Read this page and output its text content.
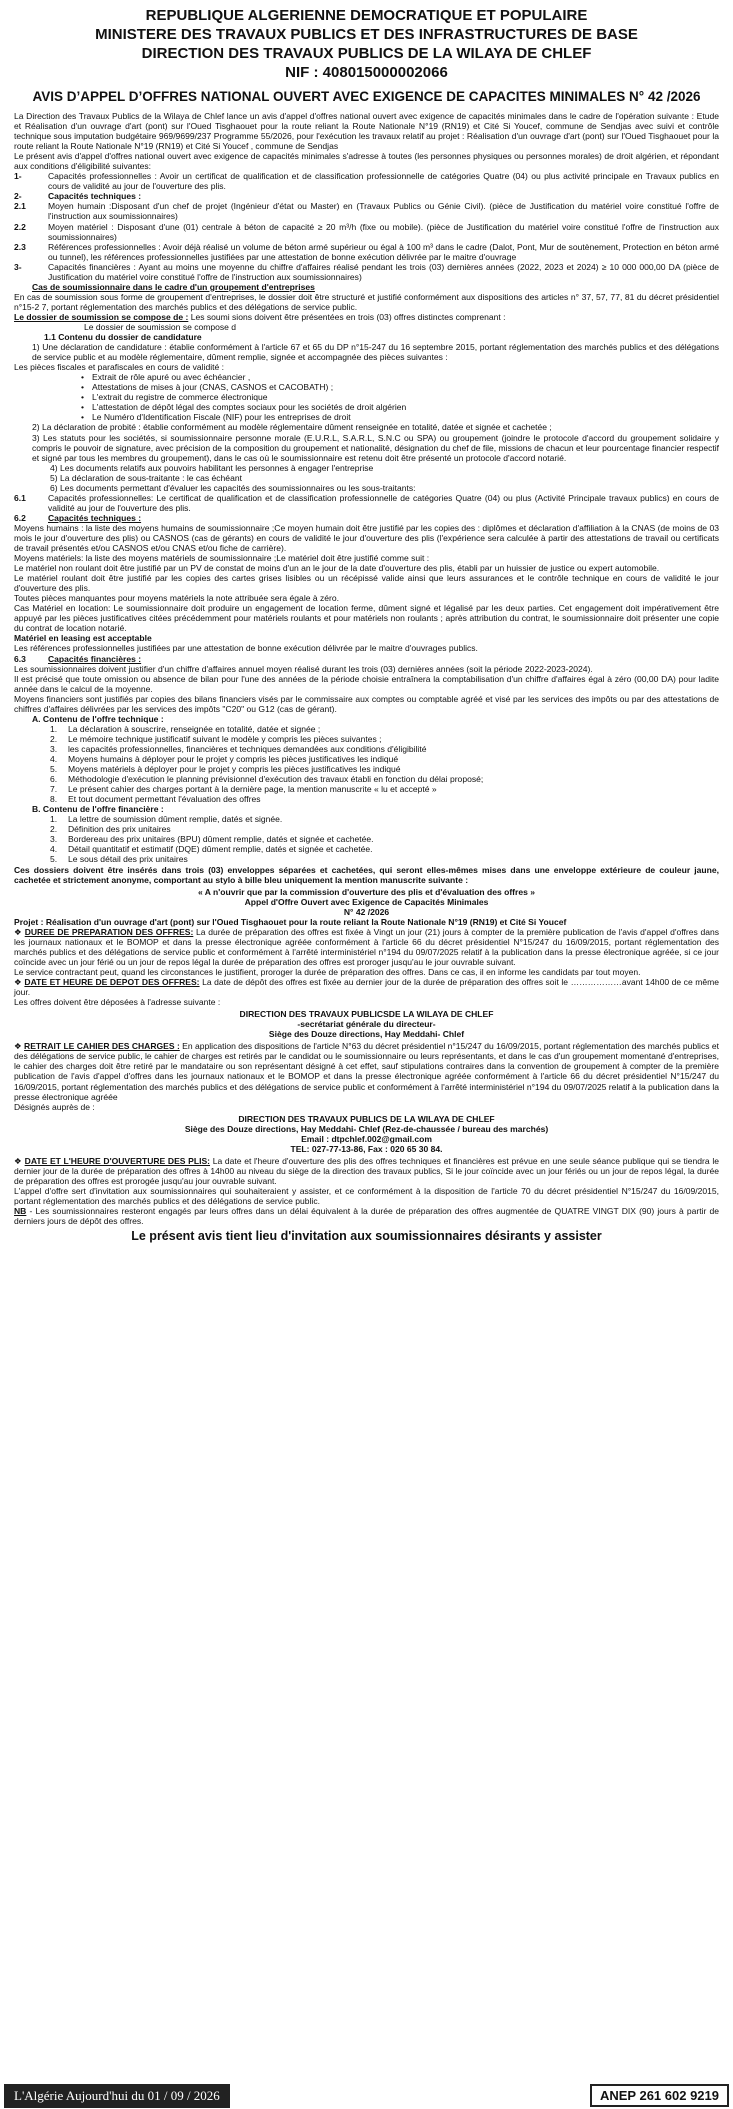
REPUBLIQUE ALGERIENNE DEMOCRATIQUE ET POPULAIRE
MINISTERE DES TRAVAUX PUBLICS ET DES INFRASTRUCTURES DE BASE
DIRECTION DES TRAVAUX PUBLICS DE LA WILAYA DE CHLEF
NIF : 408015000002066
AVIS D’APPEL D’OFFRES NATIONAL OUVERT AVEC EXIGENCE DE CAPACITES MINIMALES N° 42 /2026

La Direction des Travaux Publics de la Wilaya de Chlef lance un avis d'appel d'offres national ouvert avec exigence de capacités minimales dans le cadre de l'opération suivante : Etude et Réalisation d'un ouvrage d'art (pont) sur l'Oued Tisghaouet pour la route reliant la Route Nationale N°19 (RN19) et Cité Si Youcef, commune de Sendjas avec suivi et contrôle technique sous imputation budgétaire 969/9699/237 Programme 55/2026, pour l'exécution les travaux relatif au projet : Réalisation d'un ouvrage d'art (pont) sur l'Oued Tisghaouet pour la route reliant la Route Nationale N°19 (RN19) et Cité Si Youcef , commune de Sendjas

Le présent avis d'appel d'offres national ouvert avec exigence de capacités minimales s'adresse à toutes (les personnes physiques ou personnes morales) de droit algérien, et répondant aux conditions d'éligibilité suivantes:

1-	Capacités professionnelles : Avoir un certificat de qualification et de classification professionnelle de catégories Quatre (04) ou plus activité principale en Travaux publics en cours de validité au jour de l'ouverture des plis.
2-	Capacités techniques :
2.1	Moyen humain :Disposant d'un chef de projet (Ingénieur d'état ou Master) en (Travaux Publics ou Génie Civil). (pièce de Justification du matériel voire constitué l'offre de l'instruction aux soumissionnaires)
2.2	Moyen matériel : Disposant d'une (01) centrale à béton de capacité ≥ 20 m³/h (fixe ou mobile). (pièce de Justification du matériel voire constitué l'offre de l'instruction aux soumissionnaires)
2.3	Références professionnelles : Avoir déjà réalisé un volume de béton armé supérieur ou égal à 100 m³ dans le cadre (Dalot, Pont, Mur de soutènement, Protection en béton armé ou tunnel), les références professionnelles justifiées par une attestation de bonne exécution délivrée par le maitre d'ouvrage
3-	Capacités financières : Ayant au moins une moyenne du chiffre d'affaires réalisé pendant les trois (03) dernières années (2022, 2023 et 2024) ≥ 10 000 000,00 DA (pièce de Justification du matériel voire constitué l'offre de l'instruction aux soumissionnaires)

Cas de soumissionnaire dans le cadre d'un groupement d'entreprises

En cas de soumission sous forme de groupement d'entreprises, le dossier doit être structuré et justifié conformément aux dispositions des articles n° 37, 57, 77, 81 du décret présidentiel n°15-2 7, portant réglementation des marchés publics et des délégations de service public.

Le dossier de soumission se compose de : Les soumi sions doivent être présentées en trois (03) offres distinctes comprenant :

Le dossier de soumission se compose d

1.1 Contenu du dossier de candidature

1) Une déclaration de candidature : établie conformément à l'article 67 et 65 du DP n°15-247 du 16 septembre 2015, portant réglementation des marchés publics et des délégations de service public et au modèle réglementaire, dûment remplie, signée et accompagnée des pièces suivantes :

Les pièces fiscales et parafiscales en cours de validité :

• Extrait de rôle apuré ou avec échéancier ,
• Attestations de mises à jour (CNAS, CASNOS et CACOBATH) ;
• L'extrait du registre de commerce électronique
• L'attestation de dépôt légal des comptes sociaux pour les sociétés de droit algérien
• Le Numéro d'Identification Fiscale (NIF) pour les entreprises de droit

2) La déclaration de probité : établie conformément au modèle réglementaire dûment renseignée en totalité, datée et signée et cachetée ;

3) Les statuts pour les sociétés, si soumissionnaire personne morale (E.U.R.L, S.A.R.L, S.N.C ou SPA) ou groupement (joindre le protocole d'accord du groupement solidaire y compris le pouvoir de signature, avec précision de la composition du groupement et nationalité, désignation du chef de file, missions de chacun et leur pourcentage financier respectif et signé par tous les membres du groupement), dans le cas où le soumissionnaire est retenu doit être présenté un protocole d'accord notarié.

4) Les documents relatifs aux pouvoirs habilitant les personnes à engager l'entreprise

5) La déclaration de sous-traitante : le cas échéant

6) Les documents permettant d'évaluer les capacités des soumissionnaires ou les sous-traitants:

6.1	Capacités professionnelles: Le certificat de qualification et de classification professionnelle de catégories Quatre (04) ou plus (Activité Principale travaux publics) en cours de validité au jour de l'ouverture des plis.
6.2	Capacités techniques :

Moyens humains : la liste des moyens humains de soumissionnaire ;Ce moyen humain doit être justifié par les copies des : diplômes et déclaration d'affiliation à la CNAS (de moins de 03 mois le jour d'ouverture des plis) ou CASNOS (cas de gérants) en cours de validité le jour d'ouverture des plis (l'expérience sera calculée à partir des attestations de travail ou certificats de travail présentés et/ou CASNOS et/ou CNAS et/ou fiche de carrière).

Moyens matériels: la liste des moyens matériels de soumissionnaire ;Le matériel doit être justifié comme suit :

Le matériel non roulant doit être justifié par un PV de constat de moins d'un an le jour de la date d'ouverture des plis, établi par un huissier de justice ou expert automobile.

Le matériel roulant doit être justifié par les copies des cartes grises lisibles ou un récépissé valide ainsi que leurs assurances et le contrôle technique en cours de validité le jour d'ouverture des plis.

Toutes pièces manquantes pour moyens matériels la note attribuée sera égale à zéro.

Cas Matériel en location: Le soumissionnaire doit produire un engagement de location ferme, dûment signé et légalisé par les deux parties. Cet engagement doit impérativement être appuyé par les pièces justificatives citées précédemment pour matériels roulants et pour matériels non roulants ; après attribution du contrat, le soumissionnaire doit présenter une copie du contrat de location notarié.

Matériel en leasing est acceptable

Les références professionnelles justifiées par une attestation de bonne exécution délivrée par le maitre d'ouvrages publics.

6.3	Capacités financières :

Les soumissionnaires doivent justifier d'un chiffre d'affaires annuel moyen réalisé durant les trois (03) dernières années (soit la période 2022-2023-2024).

Il est précisé que toute omission ou absence de bilan pour l'une des années de la période choisie entraînera la comptabilisation d'un chiffre d'affaires égal à zéro (00,00 DA) pour ladite année dans le calcul de la moyenne.

Moyens financiers sont justifiés par copies des bilans financiers visés par le commissaire aux comptes ou comptable agréé et visé par les services des impôts ou par des attestations de chiffres d'affaires délivrées par les services des impôts "C20" ou G12 (cas de gérant).

A. Contenu de l'offre technique :

1.	La déclaration à souscrire, renseignée en totalité, datée et signée ;
2.	Le mémoire technique justificatif suivant le modèle y compris les pièces suivantes ;
3.	les capacités professionnelles, financières et techniques demandées aux conditions d'éligibilité
4.	Moyens humains à déployer pour le projet y compris les pièces justificatives les indiqué
5.	Moyens matériels à déployer pour le projet y compris les pièces justificatives les indiqué
6.	Méthodologie d'exécution le planning prévisionnel d'exécution des travaux établi en fonction du délai proposé;
7.	Le présent cahier des charges portant à la dernière page, la mention manuscrite « lu et accepté »
8.	Et tout document permettant l'évaluation des offres

B. Contenu de l'offre financière :

1.	La lettre de soumission dûment remplie, datés et signée.
2.	Définition des prix unitaires
3.	Bordereau des prix unitaires (BPU) dûment remplie, datés et signée et cachetée.
4.	Détail quantitatif et estimatif (DQE) dûment remplie, datés et signée et cachetée.
5.	Le sous détail des prix unitaires

Ces dossiers doivent être insérés dans trois (03) enveloppes séparées et cachetées, qui seront elles-mêmes mises dans une enveloppe extérieure de couleur jaune, cachetée et strictement anonyme, comportant au stylo à bille bleu uniquement la mention manuscrite suivante :

« A n'ouvrir que par la commission d'ouverture des plis et d'évaluation des offres »

Appel d'Offre Ouvert avec Exigence de Capacités Minimales

N° 42 /2026

Projet : Réalisation d'un ouvrage d'art (pont) sur l'Oued Tisghaouet pour la route reliant la Route Nationale N°19 (RN19) et Cité Si Youcef

❖ DUREE DE PREPARATION DES OFFRES: La durée de préparation des offres est fixée à Vingt un jour (21) jours à compter de la première publication de l'avis d'appel d'offres dans les journaux nationaux et le BOMOP et dans la presse électronique agréée conformément à l'article 66 du décret présidentiel N°15/247 du 16/09/2015, portant réglementation des marchés publics et des délégations de service public et conformément à l'arrêté interministériel n°194 du 09/07/2025 relatif à la publication dans la presse électronique agréée, si ce jour coïncide avec un jour férié ou un jour de repos légal la durée de préparation des offres est proroger jusqu'au le jour ouvrable suivant.

Le service contractant peut, quand les circonstances le justifient, proroger la durée de préparation des offres. Dans ce cas, il en informe les candidats par tout moyen.

❖ DATE ET HEURE DE DEPOT DES OFFRES: La date de dépôt des offres est fixée au dernier jour de la durée de préparation des offres soit le ………………avant 14h00 de ce même jour.

Les offres doivent être déposées à l'adresse suivante :

DIRECTION DES TRAVAUX PUBLICSDE LA WILAYA DE CHLEF

-secrétariat générale du directeur-

Siège des Douze directions, Hay Meddahi- Chlef

❖ RETRAIT LE CAHIER DES CHARGES : En application des dispositions de l'article N°63 du décret présidentiel n°15/247 du 16/09/2015, portant réglementation des marchés publics et des délégations de service public, le cahier de charges est retirés par le candidat ou le soumissionnaire ou leurs représentants, et dans le cas d'un groupement momentané d'entreprises, le cahier des charges doit être retiré par le mandataire ou son représentant désigné à cet effet, sauf stipulations contraires dans la convention de groupement à compter de la première publication de l'avis d'appel d'offres dans les journaux nationaux et le BOMOP et dans la presse électronique agréée conformément à l'article 66 du décret présidentiel N°15/247 du 16/09/2015, portant réglementation des marchés publics et des délégations de service public et conformément à l'arrêté interministériel n°194 du 09/07/2025 relatif à la publication dans la presse électronique agréée

Désignés auprès de :

DIRECTION DES TRAVAUX PUBLICS DE LA WILAYA DE CHLEF

Siège des Douze directions, Hay Meddahi- Chlef (Rez-de-chaussée / bureau des marchés)

Email : dtpchlef.002@gmail.com

TEL: 027-77-13-86, Fax : 020 65 30 84.

❖ DATE ET L'HEURE D'OUVERTURE DES PLIS: La date et l'heure d'ouverture des plis des offres techniques et financières est prévue en une seule séance publique qui se tiendra le dernier jour de la durée de préparation des offres à 14h00 au niveau du siège de la direction des travaux publics, Si le jour coïncide avec un jour fériés ou un jour de repos légal, la durée de préparation des offres est prorogée jusqu'au jour ouvrable suivant.

L'appel d'offre sert d'invitation aux soumissionnaires qui souhaiteraient y assister, et ce conformément à la disposition de l'article 70 du décret présidentiel N°15/247 du 16/09/2015, portant réglementation des marchés publics et des délégations de service public.

NB - Les soumissionnaires resteront engagés par leurs offres dans un délai équivalent à la durée de préparation des offres augmentée de QUATRE VINGT DIX (90) jours à partir de derniers jours de dépôt des offres.

Le présent avis tient lieu d'invitation aux soumissionnaires désirants y assister
L'Algérie Aujourd'hui du 01 / 09 / 2026	ANEP 261 602 9219
